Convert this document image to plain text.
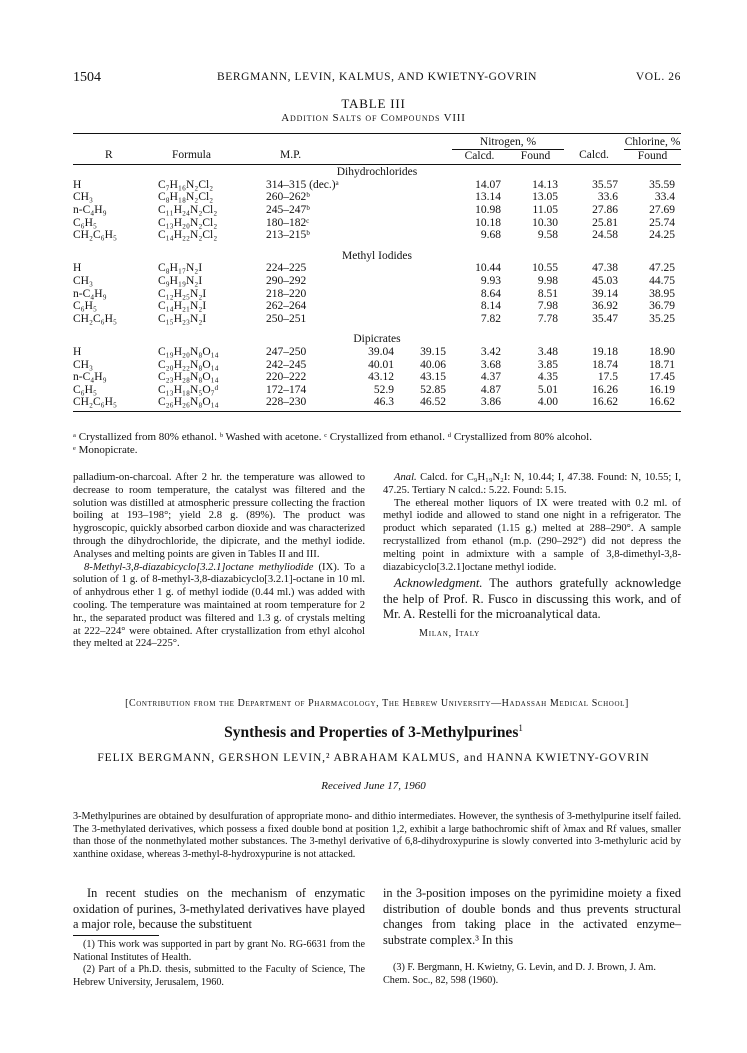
1504	BERGMANN, LEVIN, KALMUS, AND KWIETNY-GOVRIN	VOL. 26
TABLE III
Addition Salts of Compounds VIII
					Nitrogen, %			Chlorine, %
R	Formula	M.P.			Calcd.	Found	Calcd.	Found
Dihydrochlorides								
H	C₇H₁₆N₂Cl₂	314–315 (dec.)ᵃ			14.07	14.13	35.57	35.59
CH₃	C₈H₁₈N₂Cl₂	260–262ᵇ			13.14	13.05	33.6	33.4
n-C₄H₉	C₁₁H₂₄N₂Cl₂	245–247ᵇ			10.98	11.05	27.86	27.69
C₆H₅	C₁₃H₂₀N₂Cl₂	180–182ᶜ			10.18	10.30	25.81	25.74
CH₂C₆H₅	C₁₄H₂₂N₂Cl₂	213–215ᵇ			9.68	9.58	24.58	24.25

Methyl Iodides								
H	C₈H₁₇N₂I	224–225			10.44	10.55	47.38	47.25
CH₃	C₉H₁₉N₂I	290–292			9.93	9.98	45.03	44.75
n-C₄H₉	C₁₂H₂₅N₂I	218–220			8.64	8.51	39.14	38.95
C₆H₅	C₁₄H₂₁N₂I	262–264			8.14	7.98	36.92	36.79
CH₂C₆H₅	C₁₅H₂₃N₂I	250–251			7.82	7.78	35.47	35.25

Dipicrates								
H	C₁₉H₂₀N₈O₁₄	247–250	39.04	39.15	3.42	3.48	19.18	18.90
CH₃	C₂₀H₂₂N₈O₁₄	242–245	40.01	40.06	3.68	3.85	18.74	18.71
n-C₄H₉	C₂₃H₂₈N₈O₁₄	220–222	43.12	43.15	4.37	4.35	17.5	17.45
C₆H₅	C₁₃H₁₈N₅O₇ᵈ	172–174	52.9	52.85	4.87	5.01	16.26	16.19
CH₂C₆H₅	C₂₆H₂₆N₈O₁₄	228–230	46.3	46.52	3.86	4.00	16.62	16.62
ᵃ Crystallized from 80% ethanol. ᵇ Washed with acetone. ᶜ Crystallized from ethanol. ᵈ Crystallized from 80% alcohol.
ᵉ Monopicrate.

palladium-on-charcoal. After 2 hr. the temperature was allowed to decrease to room temperature, the catalyst was filtered and the solution was distilled at atmospheric pressure collecting the fraction boiling at 193–198°; yield 2.8 g. (89%). The product was hygroscopic, quickly absorbed carbon dioxide and was characterized through the dihydrochloride, the dipicrate, and the methyl iodide. Analyses and melting points are given in Tables II and III.

8-Methyl-3,8-diazabicyclo[3.2.1]octane methyliodide (IX). To a solution of 1 g. of 8-methyl-3,8-diazabicyclo[3.2.1]-octane in 10 ml. of anhydrous ether 1 g. of methyl iodide (0.44 ml.) was added with cooling. The temperature was maintained at room temperature for 2 hr., the separated product was filtered and 1.3 g. of crystals melting at 222–224° were obtained. After crystallization from ethyl alcohol they melted at 224–225°.

Anal. Calcd. for C₉H₁₉N₂I: N, 10.44; I, 47.38. Found: N, 10.55; I, 47.25. Tertiary N calcd.: 5.22. Found: 5.15.

The ethereal mother liquors of IX were treated with 0.2 ml. of methyl iodide and allowed to stand one night in a refrigerator. The product which separated (1.15 g.) melted at 288–290°. A sample recrystallized from ethanol (m.p. (290–292°) did not depress the melting point in admixture with a sample of 3,8-dimethyl-3,8-diazabicyclo[3.2.1]octane methyl iodide.

Acknowledgment. The authors gratefully acknowledge the help of Prof. R. Fusco in discussing this work, and of Mr. A. Restelli for the microanalytical data.

Milan, Italy

[Contribution from the Department of Pharmacology, The Hebrew University—Hadassah Medical School]
Synthesis and Properties of 3-Methylpurines$^1$
FELIX BERGMANN, GERSHON LEVIN,² ABRAHAM KALMUS, and HANNA KWIETNY-GOVRIN
Received June 17, 1960
3-Methylpurines are obtained by desulfuration of appropriate mono- and dithio intermediates. However, the synthesis of 3-methylpurine itself failed. The 3-methylated derivatives, which possess a fixed double bond at position 1,2, exhibit a large bathochromic shift of λmax and Rf values, smaller than those of the nonmethylated mother substances. The 3-methyl derivative of 6,8-dihydroxypurine is slowly converted into 3-methyluric acid by xanthine oxidase, whereas 3-methyl-8-hydroxypurine is not attacked.
In recent studies on the mechanism of enzymatic oxidation of purines, 3-methylated derivatives have played a major role, because the substituent
in the 3-position imposes on the pyrimidine moiety a fixed distribution of double bonds and thus prevents structural changes from taking place in the activated enzyme–substrate complex.³ In this

(1) This work was supported in part by grant No. RG-6631 from the National Institutes of Health.

(2) Part of a Ph.D. thesis, submitted to the Faculty of Science, The Hebrew University, Jerusalem, 1960.

(3) F. Bergmann, H. Kwietny, G. Levin, and D. J. Brown, J. Am. Chem. Soc., 82, 598 (1960).
